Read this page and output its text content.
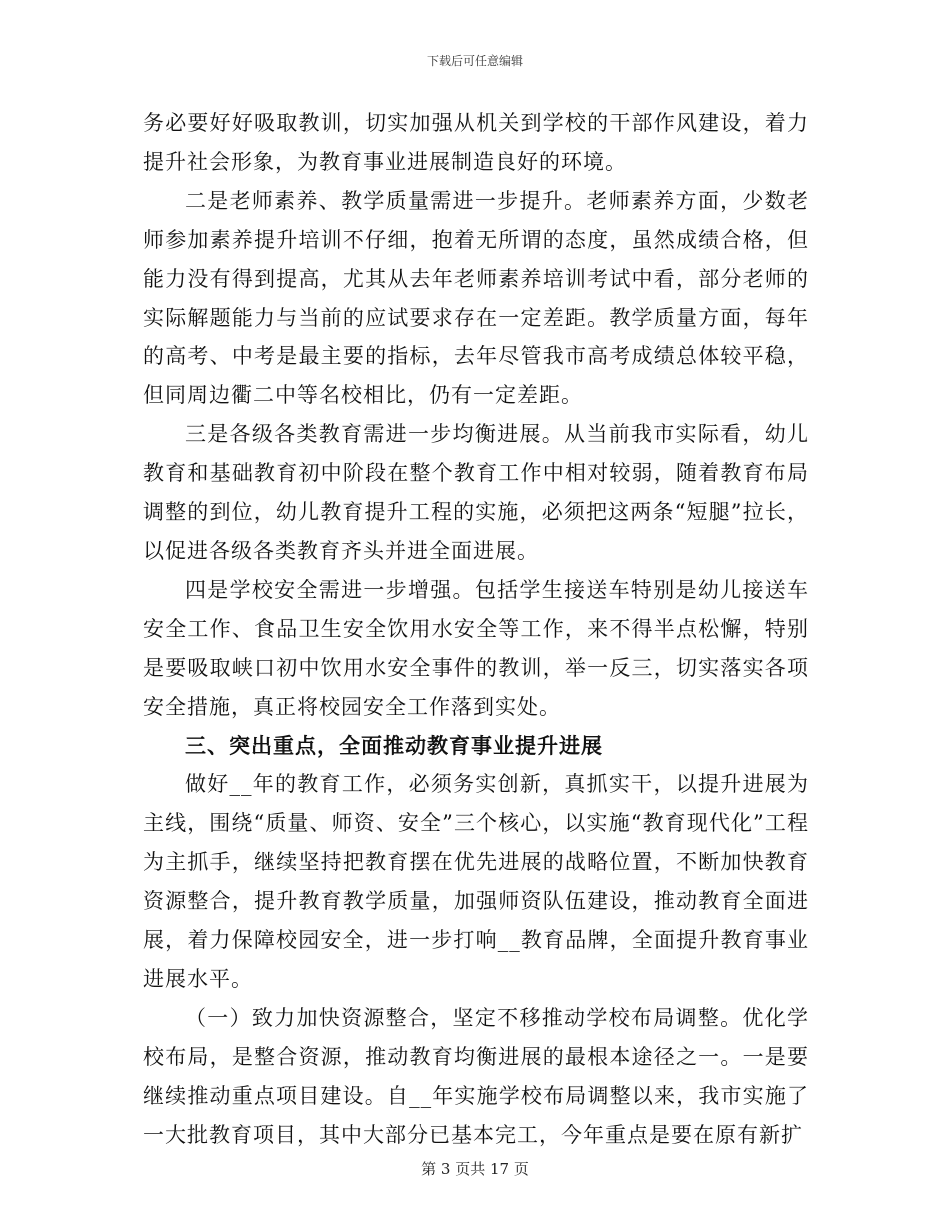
下载后可任意编辑

务必要好好吸取教训，切实加强从机关到学校的干部作风建设，着力提升社会形象，为教育事业进展制造良好的环境。

二是老师素养、教学质量需进一步提升。老师素养方面，少数老师参加素养提升培训不仔细，抱着无所谓的态度，虽然成绩合格，但能力没有得到提高，尤其从去年老师素养培训考试中看，部分老师的实际解题能力与当前的应试要求存在一定差距。教学质量方面，每年的高考、中考是最主要的指标，去年尽管我市高考成绩总体较平稳，但同周边衢二中等名校相比，仍有一定差距。

三是各级各类教育需进一步均衡进展。从当前我市实际看，幼儿教育和基础教育初中阶段在整个教育工作中相对较弱，随着教育布局调整的到位，幼儿教育提升工程的实施，必须把这两条“短腿”拉长，以促进各级各类教育齐头并进全面进展。

四是学校安全需进一步增强。包括学生接送车特别是幼儿接送车安全工作、食品卫生安全饮用水安全等工作，来不得半点松懈，特别是要吸取峡口初中饮用水安全事件的教训，举一反三，切实落实各项安全措施，真正将校园安全工作落到实处。

三、突出重点，全面推动教育事业提升进展

做好__年的教育工作，必须务实创新，真抓实干，以提升进展为主线，围绕“质量、师资、安全”三个核心，以实施“教育现代化”工程为主抓手，继续坚持把教育摆在优先进展的战略位置，不断加快教育资源整合，提升教育教学质量，加强师资队伍建设，推动教育全面进展，着力保障校园安全，进一步打响__教育品牌，全面提升教育事业进展水平。

（一）致力加快资源整合，坚定不移推动学校布局调整。优化学校布局，是整合资源，推动教育均衡进展的最根本途径之一。一是要继续推动重点项目建设。自__年实施学校布局调整以来，我市实施了一大批教育项目，其中大部分已基本完工，今年重点是要在原有新扩

第 3 页共 17 页
